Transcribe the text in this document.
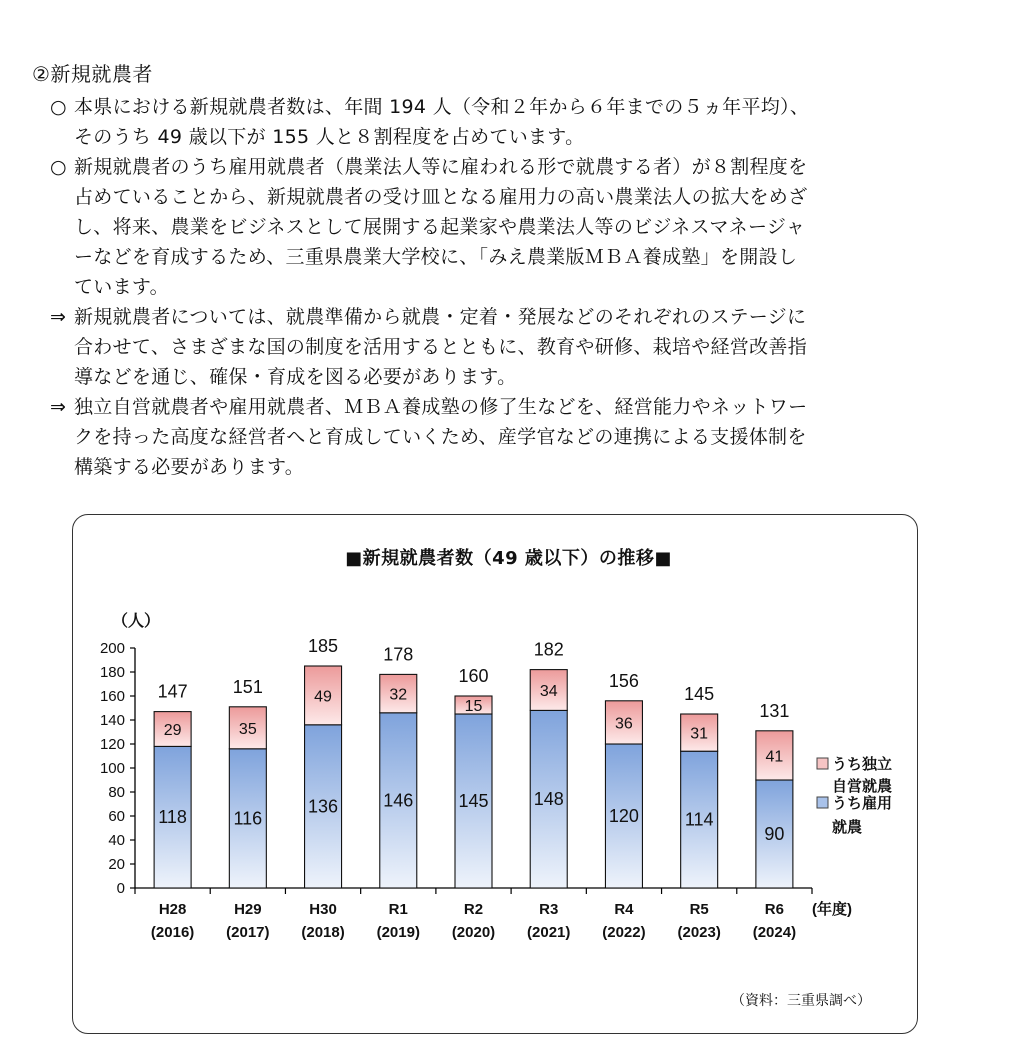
②新規就農者
○ 本県における新規就農者数は、年間 194 人（令和２年から６年までの５ヵ年平均）、
そのうち 49 歳以下が 155 人と８割程度を占めています。
○ 新規就農者のうち雇用就農者（農業法人等に雇われる形で就農する者）が８割程度を
占めていることから、新規就農者の受け皿となる雇用力の高い農業法人の拡大をめざ
し、将来、農業をビジネスとして展開する起業家や農業法人等のビジネスマネージャ
ーなどを育成するため、三重県農業大学校に、「みえ農業版ＭＢＡ養成塾」を開設し
ています。
⇒ 新規就農者については、就農準備から就農・定着・発展などのそれぞれのステージに
合わせて、さまざまな国の制度を活用するとともに、教育や研修、栽培や経営改善指
導などを通じ、確保・育成を図る必要があります。
⇒ 独立自営就農者や雇用就農者、ＭＢＡ養成塾の修了生などを、経営能力やネットワー
クを持った高度な経営者へと育成していくため、産学官などの連携による支援体制を
構築する必要があります。
■新規就農者数（49 歳以下）の推移■
0
20
40
60
80
100
120
140
160
180
200
（人）
(年度)
118
29
147
H28
(2016)
116
35
151
H29
(2017)
136
49
185
H30
(2018)
146
32
178
R1
(2019)
145
15
160
R2
(2020)
148
34
182
R3
(2021)
120
36
156
R4
(2022)
114
31
145
R5
(2023)
90
41
131
R6
(2024)
うち独立
自営就農
うち雇用
就農
（資料：三重県調べ）
